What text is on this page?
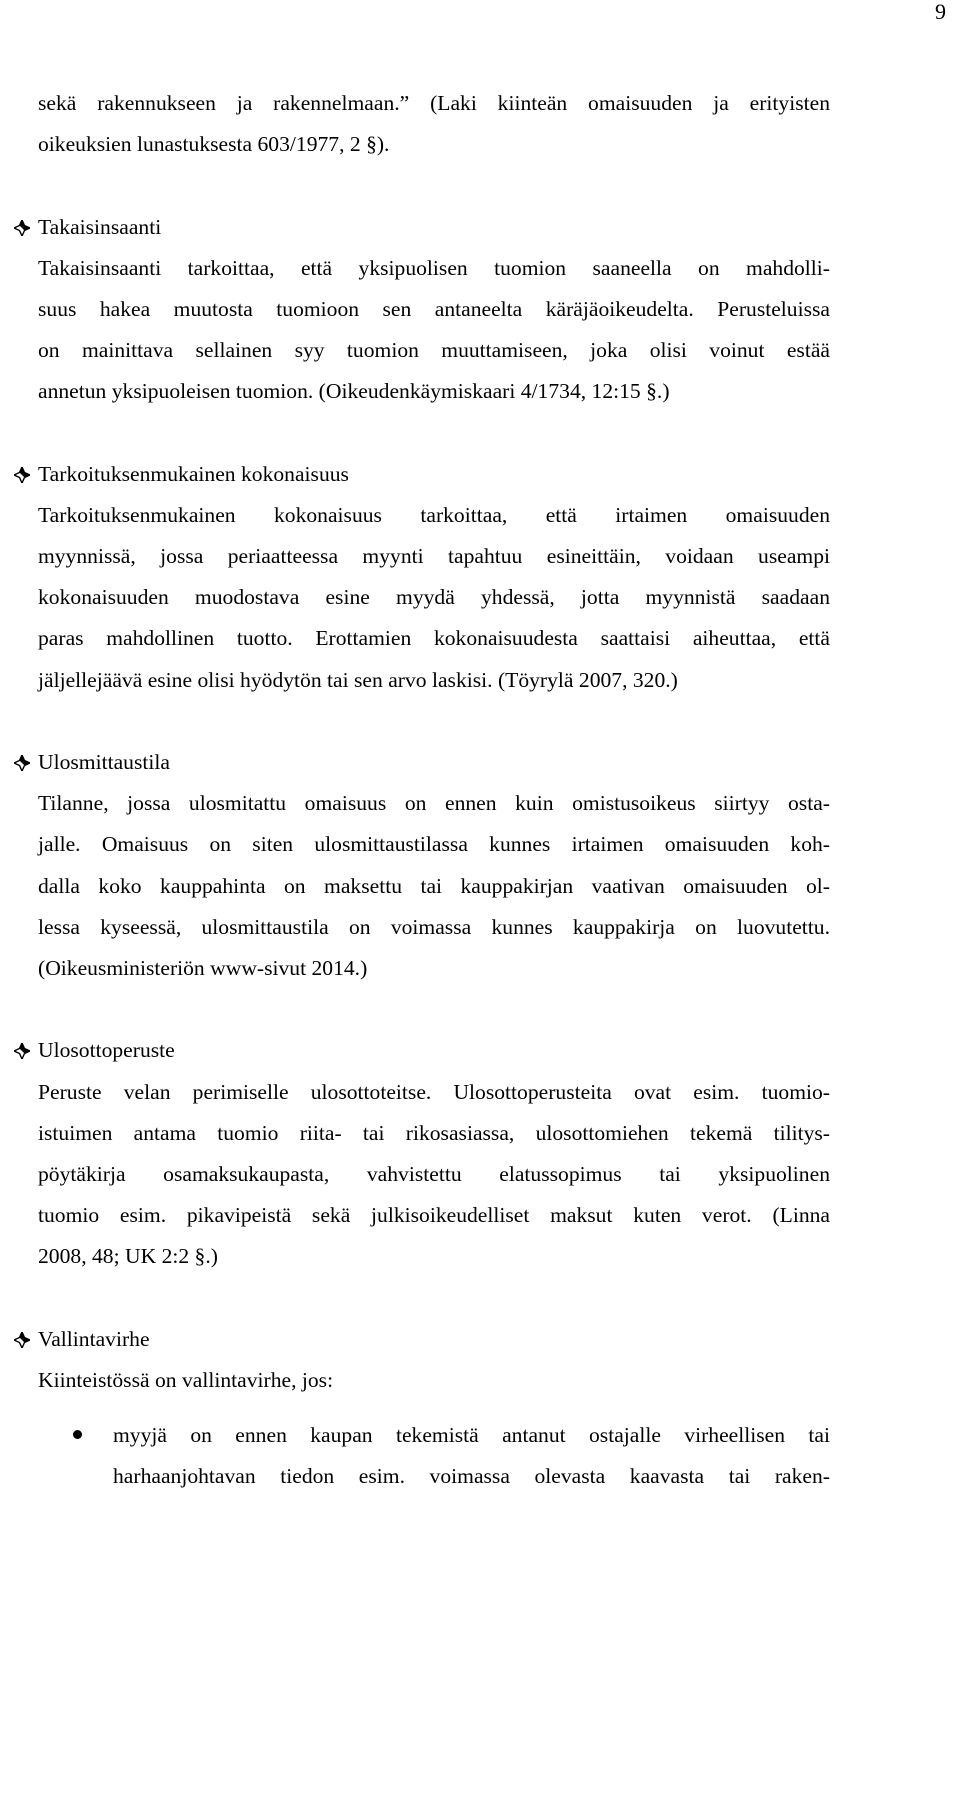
9
sekä rakennukseen ja rakennelmaan.” (Laki kiinteän omaisuuden ja erityisten
oikeuksien lunastuksesta 603/1977, 2 §).
Takaisinsaanti
Takaisinsaanti tarkoittaa, että yksipuolisen tuomion saaneella on mahdolli-
suus hakea muutosta tuomioon sen antaneelta käräjäoikeudelta. Perusteluissa
on mainittava sellainen syy tuomion muuttamiseen, joka olisi voinut estää
annetun yksipuoleisen tuomion. (Oikeudenkäymiskaari 4/1734, 12:15 §.)
Tarkoituksenmukainen kokonaisuus
Tarkoituksenmukainen kokonaisuus tarkoittaa, että irtaimen omaisuuden
myynnissä, jossa periaatteessa myynti tapahtuu esineittäin, voidaan useampi
kokonaisuuden muodostava esine myydä yhdessä, jotta myynnistä saadaan
paras mahdollinen tuotto. Erottamien kokonaisuudesta saattaisi aiheuttaa, että
jäljellejäävä esine olisi hyödytön tai sen arvo laskisi. (Töyrylä 2007, 320.)
Ulosmittaustila
Tilanne, jossa ulosmitattu omaisuus on ennen kuin omistusoikeus siirtyy osta-
jalle. Omaisuus on siten ulosmittaustilassa kunnes irtaimen omaisuuden koh-
dalla koko kauppahinta on maksettu tai kauppakirjan vaativan omaisuuden ol-
lessa kyseessä, ulosmittaustila on voimassa kunnes kauppakirja on luovutettu.
(Oikeusministeriön www-sivut 2014.)
Ulosottoperuste
Peruste velan perimiselle ulosottoteitse. Ulosottoperusteita ovat esim. tuomio-
istuimen antama tuomio riita- tai rikosasiassa, ulosottomiehen tekemä tilitys-
pöytäkirja osamaksukaupasta, vahvistettu elatussopimus tai yksipuolinen
tuomio esim. pikavipeistä sekä julkisoikeudelliset maksut kuten verot. (Linna
2008, 48; UK 2:2 §.)
Vallintavirhe
Kiinteistössä on vallintavirhe, jos:
myyjä on ennen kaupan tekemistä antanut ostajalle virheellisen tai
harhaanjohtavan tiedon esim. voimassa olevasta kaavasta tai raken-
